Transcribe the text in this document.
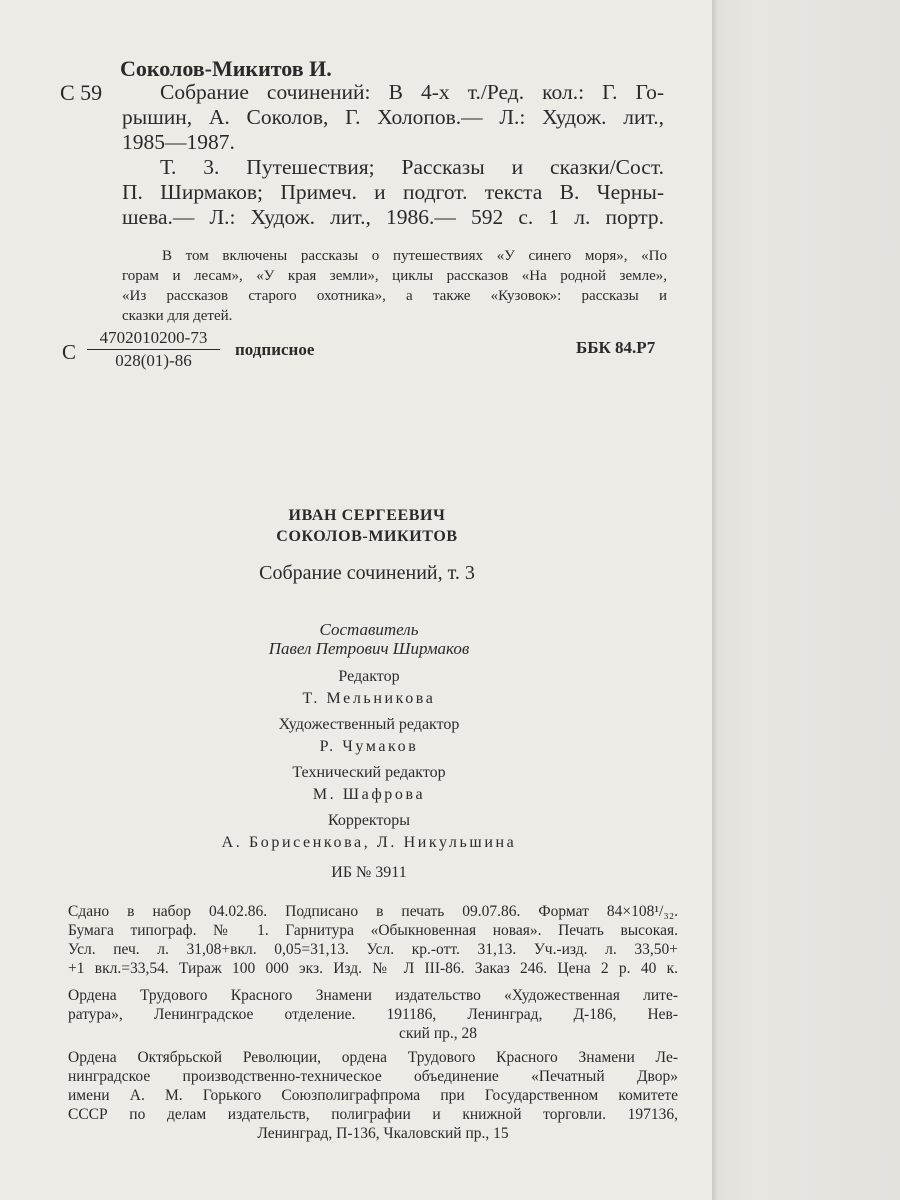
Соколов-Микитов И.
С 59	Собрание сочинений: В 4-х т./Ред. кол.: Г. Го-
рышин, А. Соколов, Г. Холопов.— Л.: Худож. лит.,
1985—1987.

Т. 3. Путешествия; Рассказы и сказки/Сост.
П. Ширмаков; Примеч. и подгот. текста В. Черны-
шева.— Л.: Худож. лит., 1986.— 592 с. 1 л. портр.

В том включены рассказы о путешествиях «У синего моря», «По
горам и лесам», «У края земли», циклы рассказов «На родной земле»,
«Из рассказов старого охотника», а также «Кузовок»: рассказы и
сказки для детей.
С $\frac{4702010200-73}{028(01)-86}$ подписное	ББК 84.Р7
ИВАН СЕРГЕЕВИЧ
СОКОЛОВ-МИКИТОВ
Собрание сочинений, т. 3
Составитель
Павел Петрович Ширмаков
Редактор
Т. Мельникова
Художественный редактор
Р. Чумаков
Технический редактор
М. Шафрова
Корректоры
А. Борисенкова, Л. Никульшина
ИБ № 3911
Сдано в набор 04.02.86. Подписано в печать 09.07.86. Формат 84×108¹/₃₂.
Бумага типограф. № 1. Гарнитура «Обыкновенная новая». Печать высокая.
Усл. печ. л. 31,08+вкл. 0,05=31,13. Усл. кр.-отт. 31,13. Уч.-изд. л. 33,50+
+1 вкл.=33,54. Тираж 100 000 экз. Изд. № Л III-86. Заказ 246. Цена 2 р. 40 к.
Ордена Трудового Красного Знамени издательство «Художественная лите-
ратура», Ленинградское отделение. 191186, Ленинград, Д-186, Нев-
ский пр., 28
Ордена Октябрьской Революции, ордена Трудового Красного Знамени Ле-
нинградское производственно-техническое объединение «Печатный Двор»
имени А. М. Горького Союзполиграфпрома при Государственном комитете
СССР по делам издательств, полиграфии и книжной торговли. 197136,
Ленинград, П-136, Чкаловский пр., 15
